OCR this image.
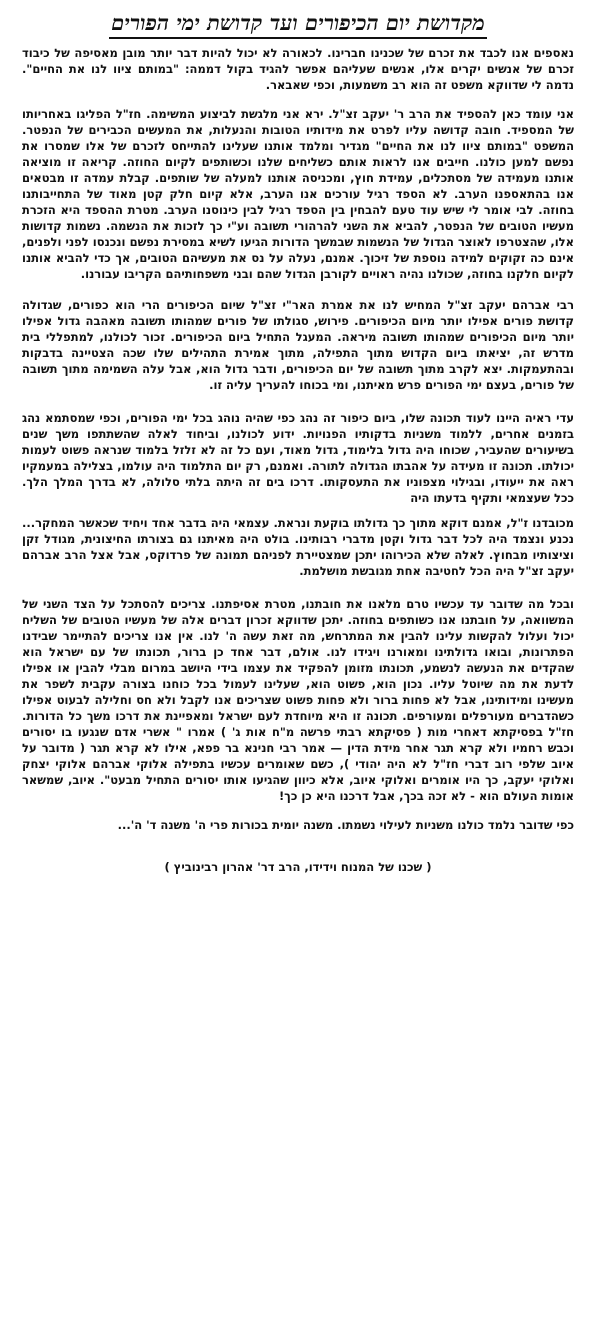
מקדושת יום הכיפורים ועד קדושת ימי הפורים

נאספים אנו לכבד את זכרם של שכנינו חברינו. לכאורה לא יכול להיות דבר יותר מובן מאסיפה של כיבוד זכרם של אנשים יקרים אלו, אנשים שעליהם אפשר להגיד בקול דממה: "במותם ציוו לנו את החיים". נדמה לי שדווקא משפט זה הוא רב משמעות, וכפי שאבאר.

אני עומד כאן להספיד את הרב ר' יעקב זצ"ל. ירא אני מלגשת לביצוע המשימה. חז"ל הפליגו באחריותו של המספיד. חובה קדושה עליו לפרט את מידותיו הטובות והנעלות, את המעשים הכבירים של הנפטר. המשפט "במותם ציוו לנו את החיים" מגדיר ומלמד אותנו שעלינו להתייחס לזכרם של אלו שמסרו את נפשם למען כולנו. חייבים אנו לראות אותם כשליחים שלנו וכשותפים לקיום החוזה. קריאה זו מוציאה אותנו מעמידה של מסתכלים, עמידת חוץ, ומכניסה אותנו למעלה של שותפים. קבלת עמדה זו מבטאים אנו בהתאספנו הערב. לא הספד רגיל עורכים אנו הערב, אלא קיום חלק קטן מאוד של התחייבותנו בחוזה. לבי אומר לי שיש עוד טעם להבחין בין הספד רגיל לבין כינוסנו הערב. מטרת ההספד היא הזכרת מעשיו הטובים של הנפטר, להביא את השני להרהורי תשובה וע"י כך לזכות את הנשמה. נשמות קדושות אלו, שהצטרפו לאוצר הגדול של הנשמות שבמשך הדורות הגיעו לשיא במסירת נפשם ונכנסו לפני ולפנים, אינם כה זקוקים למידה נוספת של זיכוך. אמנם, נעלה על נס את מעשיהם הטובים, אך כדי להביא אותנו לקיום חלקנו בחוזה, שכולנו נהיה ראויים לקורבן הגדול שהם ובני משפחותיהם הקריבו עבורנו.

רבי אברהם יעקב זצ"ל המחיש לנו את אמרת האר"י זצ"ל שיום הכיפורים הרי הוא כפורים, שגדולה קדושת פורים אפילו יותר מיום הכיפורים. פירוש, סגולתו של פורים שמהותו תשובה מאהבה גדול אפילו יותר מיום הכיפורים שמהותו תשובה מיראה. המעגל התחיל ביום הכיפורים. זכור לכולנו, למתפללי בית מדרש זה, יציאתו ביום הקדוש מתוך התפילה, מתוך אמירת התהילים שלו שכה הצטיינה בדבקות ובהתעמקות. יצא לקרב מתוך תשובה של יום הכיפורים, ודבר גדול הוא, אבל עלה השמימה מתוך תשובה של פורים, בעצם ימי הפורים פרש מאיתנו, ומי בכוחו להעריך עליה זו.

עדי ראיה היינו לעוד תכונה שלו, ביום כיפור זה נהג כפי שהיה נוהג בכל ימי הפורים, וכפי שמסתמא נהג בזמנים אחרים, ללמוד משניות בדקותיו הפנויות. ידוע לכולנו, וביחוד לאלה שהשתתפו משך שנים בשיעורים שהעביר, שכוחו היה גדול בלימוד, גדול מאוד, ועם כל זה לא זלזל בלמוד שנראה פשוט לעמות יכולתו. תכונה זו מעידה על אהבתו הגדולה לתורה. ואמנם, רק יום התלמוד היה עולמו, בצלילה במעמקיו ראה את ייעודו, ובגילוי מצפוניו את התעסקותו. דרכו בים זה היתה בלתי סלולה, לא בדרך המלך הלך. ככל שעצמאי ותקיף בדעתו היה

מכובדנו ז"ל, אמנם דוקא מתוך כך גדולתו בוקעת ונראת. עצמאי היה בדבר אחד ויחיד שכאשר המחקר... נכנע ונצמד היה לכל דבר גדול וקטן מדברי רבותינו. בולט היה מאיתנו גם בצורתו החיצונית, מגודל זקן וציצותיו מבחוץ. לאלה שלא הכירוהו יתכן שמצטיירת לפניהם תמונה של פרדוקס, אבל אצל הרב אברהם יעקב זצ"ל היה הכל לחטיבה אחת מגובשת מושלמת.

ובכל מה שדובר עד עכשיו טרם מלאנו את חובתנו, מטרת אסיפתנו. צריכים להסתכל על הצד השני של המשוואה, על חובתנו אנו כשותפים בחוזה. יתכן שדווקא זכרון דברים אלה של מעשיו הטובים של השליח יכול ועלול להקשות עלינו להבין את המתרחש, מה זאת עשה ה' לנו. אין אנו צריכים להתיימר שבידנו הפתרונות, ובואו גדולתינו ומאורנו ויגידו לנו. אולם, דבר אחד כן ברור, תכונתו של עם ישראל הוא שהקדים את הנעשה לנשמע, תכונתו מזומן להפקיד את עצמו בידי היושב במרום מבלי להבין או אפילו לדעת את מה שיוטל עליו. נכון הוא, פשוט הוא, שעלינו לעמול בכל כוחנו בצורה עקבית לשפר את מעשינו ומידותינו, אבל לא פחות ברור ולא פחות פשוט שצריכים אנו לקבל ולא חס וחלילה לבעוט אפילו כשהדברים מעורפלים ומעורפים. תכונה זו היא מיוחדת לעם ישראל ומאפיינת את דרכו משך כל הדורות. חז"ל בפסיקתא דאחרי מות ( פסיקתא רבתי פרשה מ"ח אות ג' ) אמרו " אשרי אדם שנגעו בו יסורים וכבש רחמיו ולא קרא תגר אחר מידת הדין — אמר רבי חנינא בר פפא, אילו לא קרא תגר ( מדובר על איוב שלפי רוב דברי חז"ל לא היה יהודי ), כשם שאומרים עכשיו בתפילה אלוקי אברהם אלוקי יצחק ואלוקי יעקב, כך היו אומרים ואלוקי איוב, אלא כיוון שהגיעו אותו יסורים התחיל מבעט". איוב, שמשאר אומות העולם הוא - לא זכה בכך, אבל דרכנו היא כן כך!

כפי שדובר נלמד כולנו משניות לעילוי נשמתו. משנה יומית בכורות פרי ה' משנה ד' ה'...

( שכנו של המנוח וידידו, הרב דר' אהרון רבינוביץ )
